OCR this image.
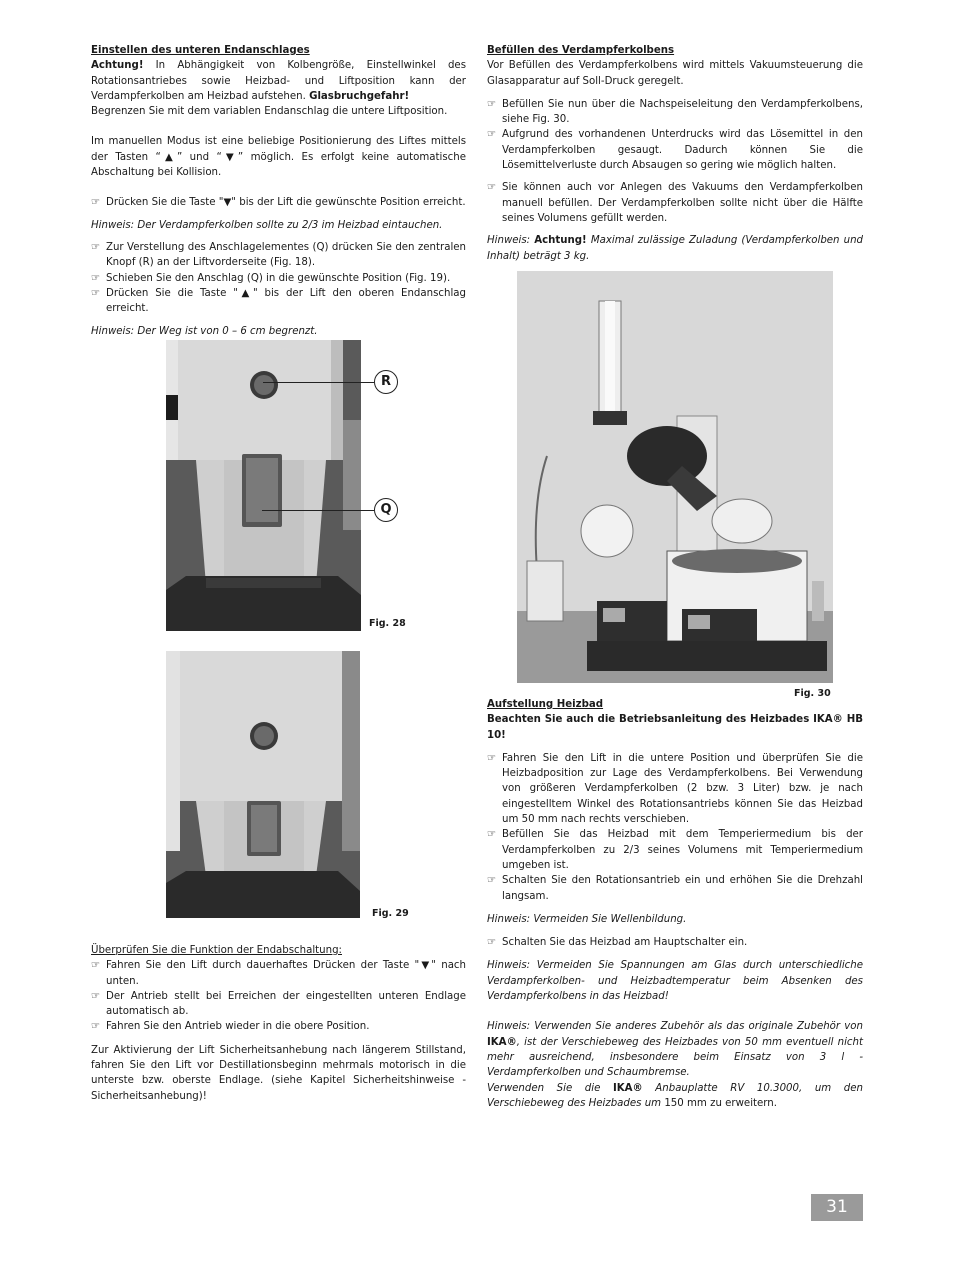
Einstellen des unteren Endanschlages

Achtung! In Abhängigkeit von Kolbengröße, Einstellwinkel des Rotationsantriebes sowie Heizbad- und Liftposition kann der Verdampferkolben am Heizbad aufstehen. Glasbruchgefahr!

Begrenzen Sie mit dem variablen Endanschlag die untere Liftposition.

Im manuellen Modus ist eine beliebige Positionierung des Liftes mittels der Tasten “▲” und “▼” möglich. Es erfolgt keine automatische Abschaltung bei Kollision.

☞ Drücken Sie die Taste "▼" bis der Lift die gewünschte Position erreicht.

Hinweis: Der Verdampferkolben sollte zu 2/3 im Heizbad eintauchen.

☞ Zur Verstellung des Anschlagelementes (Q) drücken Sie den zentralen Knopf (R) an der Liftvorderseite (Fig. 18).
☞ Schieben Sie den Anschlag (Q) in die gewünschte Position (Fig. 19).
☞ Drücken Sie die Taste "▲" bis der Lift den oberen Endanschlag erreicht.

Hinweis: Der Weg ist von 0 – 6 cm begrenzt.

R
Q
Fig. 28
Fig. 29

Überprüfen Sie die Funktion der Endabschaltung:

☞ Fahren Sie den Lift durch dauerhaftes Drücken der Taste "▼" nach unten.
☞ Der Antrieb stellt bei Erreichen der eingestellten unteren Endlage automatisch ab.
☞ Fahren Sie den Antrieb wieder in die obere Position.

Zur Aktivierung der Lift Sicherheitsanhebung nach längerem Stillstand, fahren Sie den Lift vor Destillationsbeginn mehrmals motorisch in die unterste bzw. oberste Endlage. (siehe Kapitel Sicherheitshinweise - Sicherheitsanhebung)!

Befüllen des Verdampferkolbens

Vor Befüllen des Verdampferkolbens wird mittels Vakuumsteuerung die Glasapparatur auf Soll-Druck geregelt.

☞ Befüllen Sie nun über die Nachspeiseleitung den Verdampferkolbens, siehe Fig. 30.
☞ Aufgrund des vorhandenen Unterdrucks wird das Lösemittel in den Verdampferkolben gesaugt. Dadurch können Sie die Lösemittelverluste durch Absaugen so gering wie möglich halten.
☞ Sie können auch vor Anlegen des Vakuums den Verdampferkolben manuell befüllen. Der Verdampferkolben sollte nicht über die Hälfte seines Volumens gefüllt werden.

Hinweis: Achtung! Maximal zulässige Zuladung (Verdampferkolben und Inhalt) beträgt 3 kg.

Fig. 30

Aufstellung Heizbad

Beachten Sie auch die Betriebsanleitung des Heizbades IKA® HB 10!

☞ Fahren Sie den Lift in die untere Position und überprüfen Sie die Heizbadposition zur Lage des Verdampferkolbens. Bei Verwendung von größeren Verdampferkolben (2 bzw. 3 Liter) bzw. je nach eingestelltem Winkel des Rotationsantriebs können Sie das Heizbad um 50 mm nach rechts verschieben.
☞ Befüllen Sie das Heizbad mit dem Temperiermedium bis der Verdampferkolben zu 2/3 seines Volumens mit Temperiermedium umgeben ist.
☞ Schalten Sie den Rotationsantrieb ein und erhöhen Sie die Drehzahl langsam.

Hinweis: Vermeiden Sie Wellenbildung.

☞ Schalten Sie das Heizbad am Hauptschalter ein.

Hinweis: Vermeiden Sie Spannungen am Glas durch unterschiedliche Verdampferkolben- und Heizbadtemperatur beim Absenken des Verdampferkolbens in das Heizbad!

Hinweis: Verwenden Sie anderes Zubehör als das originale Zubehör von IKA®, ist der Verschiebeweg des Heizbades von 50 mm eventuell nicht mehr ausreichend, insbesondere beim Einsatz von 3 l - Verdampferkolben und Schaumbremse.

Verwenden Sie die IKA® Anbauplatte RV 10.3000, um den Verschiebeweg des Heizbades um 150 mm zu erweitern.

31
